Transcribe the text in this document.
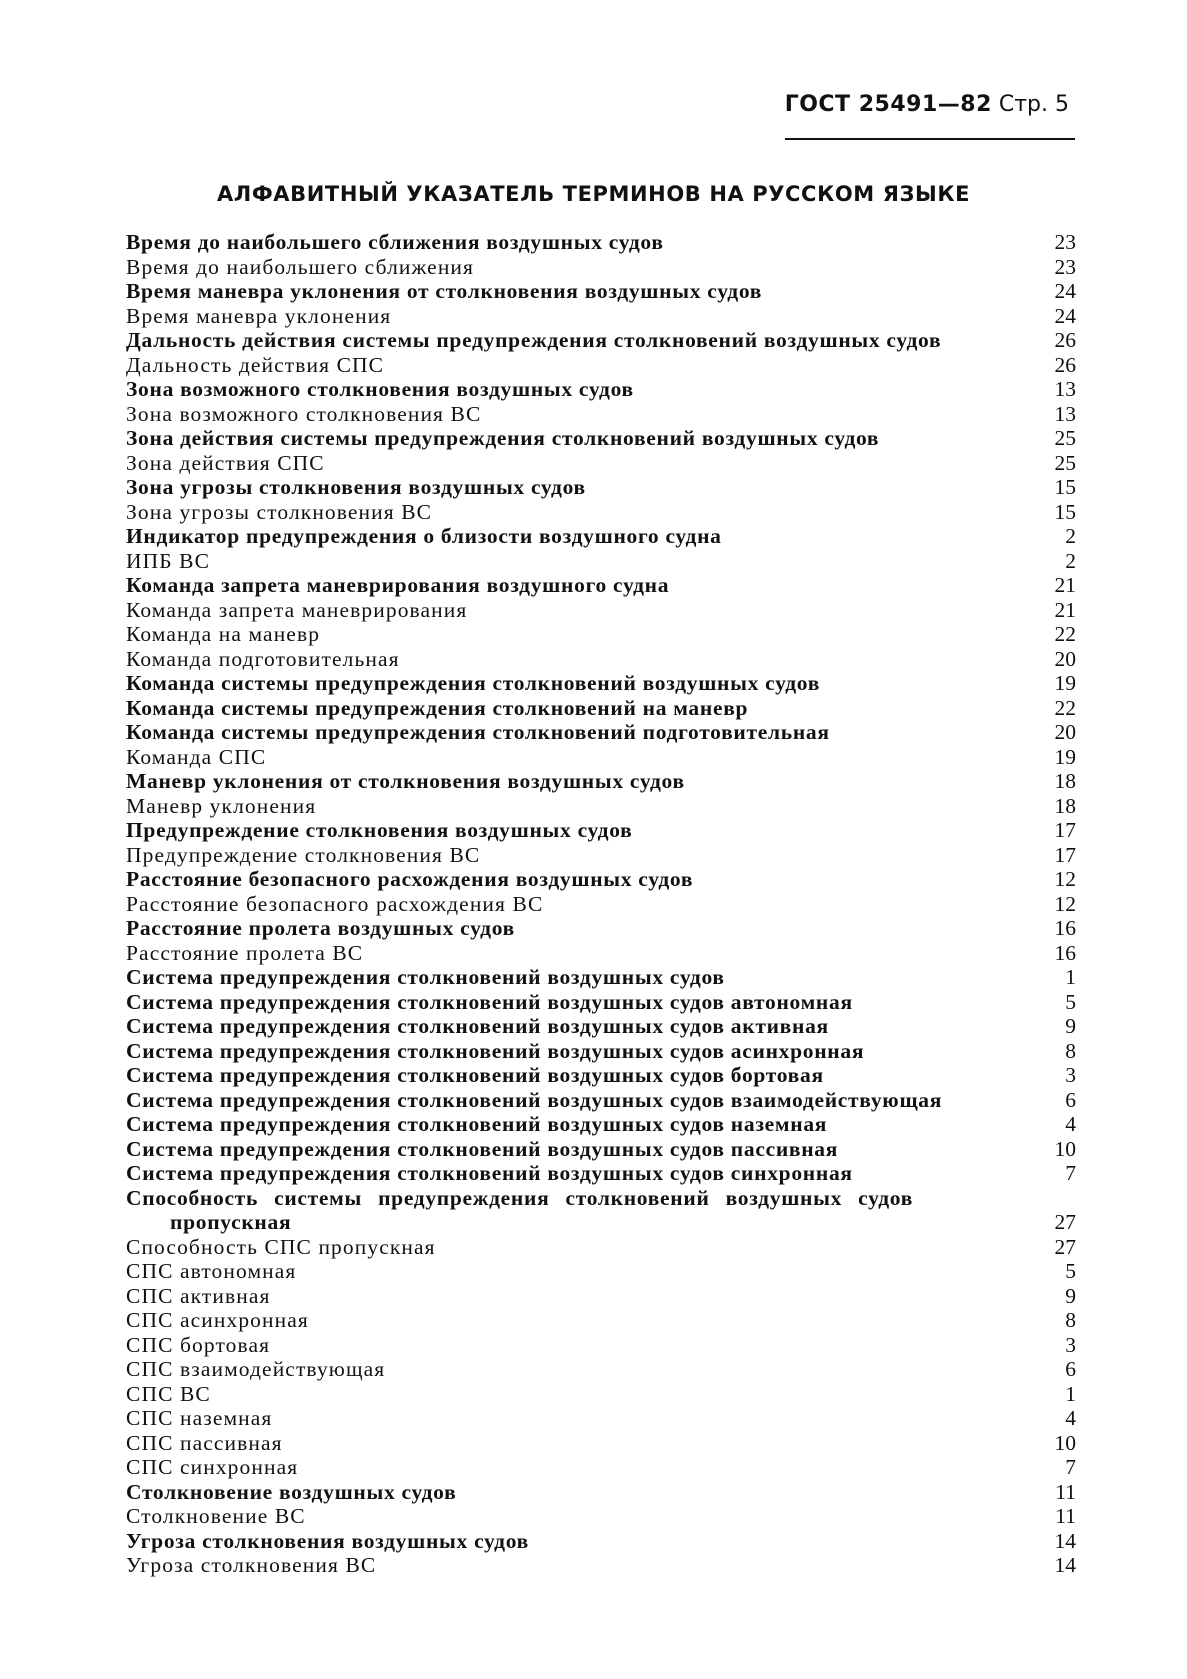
ГОСТ 25491—82 Стр. 5
АЛФАВИТНЫЙ УКАЗАТЕЛЬ ТЕРМИНОВ НА РУССКОМ ЯЗЫКЕ
Время до наибольшего сближения воздушных судов	23
Время до наибольшего сближения	23
Время маневра уклонения от столкновения воздушных судов	24
Время маневра уклонения	24
Дальность действия системы предупреждения столкновений воздушных судов	26
Дальность действия СПС	26
Зона возможного столкновения воздушных судов	13
Зона возможного столкновения ВС	13
Зона действия системы предупреждения столкновений воздушных судов	25
Зона действия СПС	25
Зона угрозы столкновения воздушных судов	15
Зона угрозы столкновения ВС	15
Индикатор предупреждения о близости воздушного судна	2
ИПБ ВС	2
Команда запрета маневрирования воздушного судна	21
Команда запрета маневрирования	21
Команда на маневр	22
Команда подготовительная	20
Команда системы предупреждения столкновений воздушных судов	19
Команда системы предупреждения столкновений на маневр	22
Команда системы предупреждения столкновений подготовительная	20
Команда СПС	19
Маневр уклонения от столкновения воздушных судов	18
Маневр уклонения	18
Предупреждение столкновения воздушных судов	17
Предупреждение столкновения ВС	17
Расстояние безопасного расхождения воздушных судов	12
Расстояние безопасного расхождения ВС	12
Расстояние пролета воздушных судов	16
Расстояние пролета ВС	16
Система предупреждения столкновений воздушных судов	1
Система предупреждения столкновений воздушных судов автономная	5
Система предупреждения столкновений воздушных судов активная	9
Система предупреждения столкновений воздушных судов асинхронная	8
Система предупреждения столкновений воздушных судов бортовая	3
Система предупреждения столкновений воздушных судов взаимодействующая	6
Система предупреждения столкновений воздушных судов наземная	4
Система предупреждения столкновений воздушных судов пассивная	10
Система предупреждения столкновений воздушных судов синхронная	7
Способность системы предупреждения столкновений воздушных судов
пропускная	27
Способность СПС пропускная	27
СПС автономная	5
СПС активная	9
СПС асинхронная	8
СПС бортовая	3
СПС взаимодействующая	6
СПС ВС	1
СПС наземная	4
СПС пассивная	10
СПС синхронная	7
Столкновение воздушных судов	11
Столкновение ВС	11
Угроза столкновения воздушных судов	14
Угроза столкновения ВС	14
